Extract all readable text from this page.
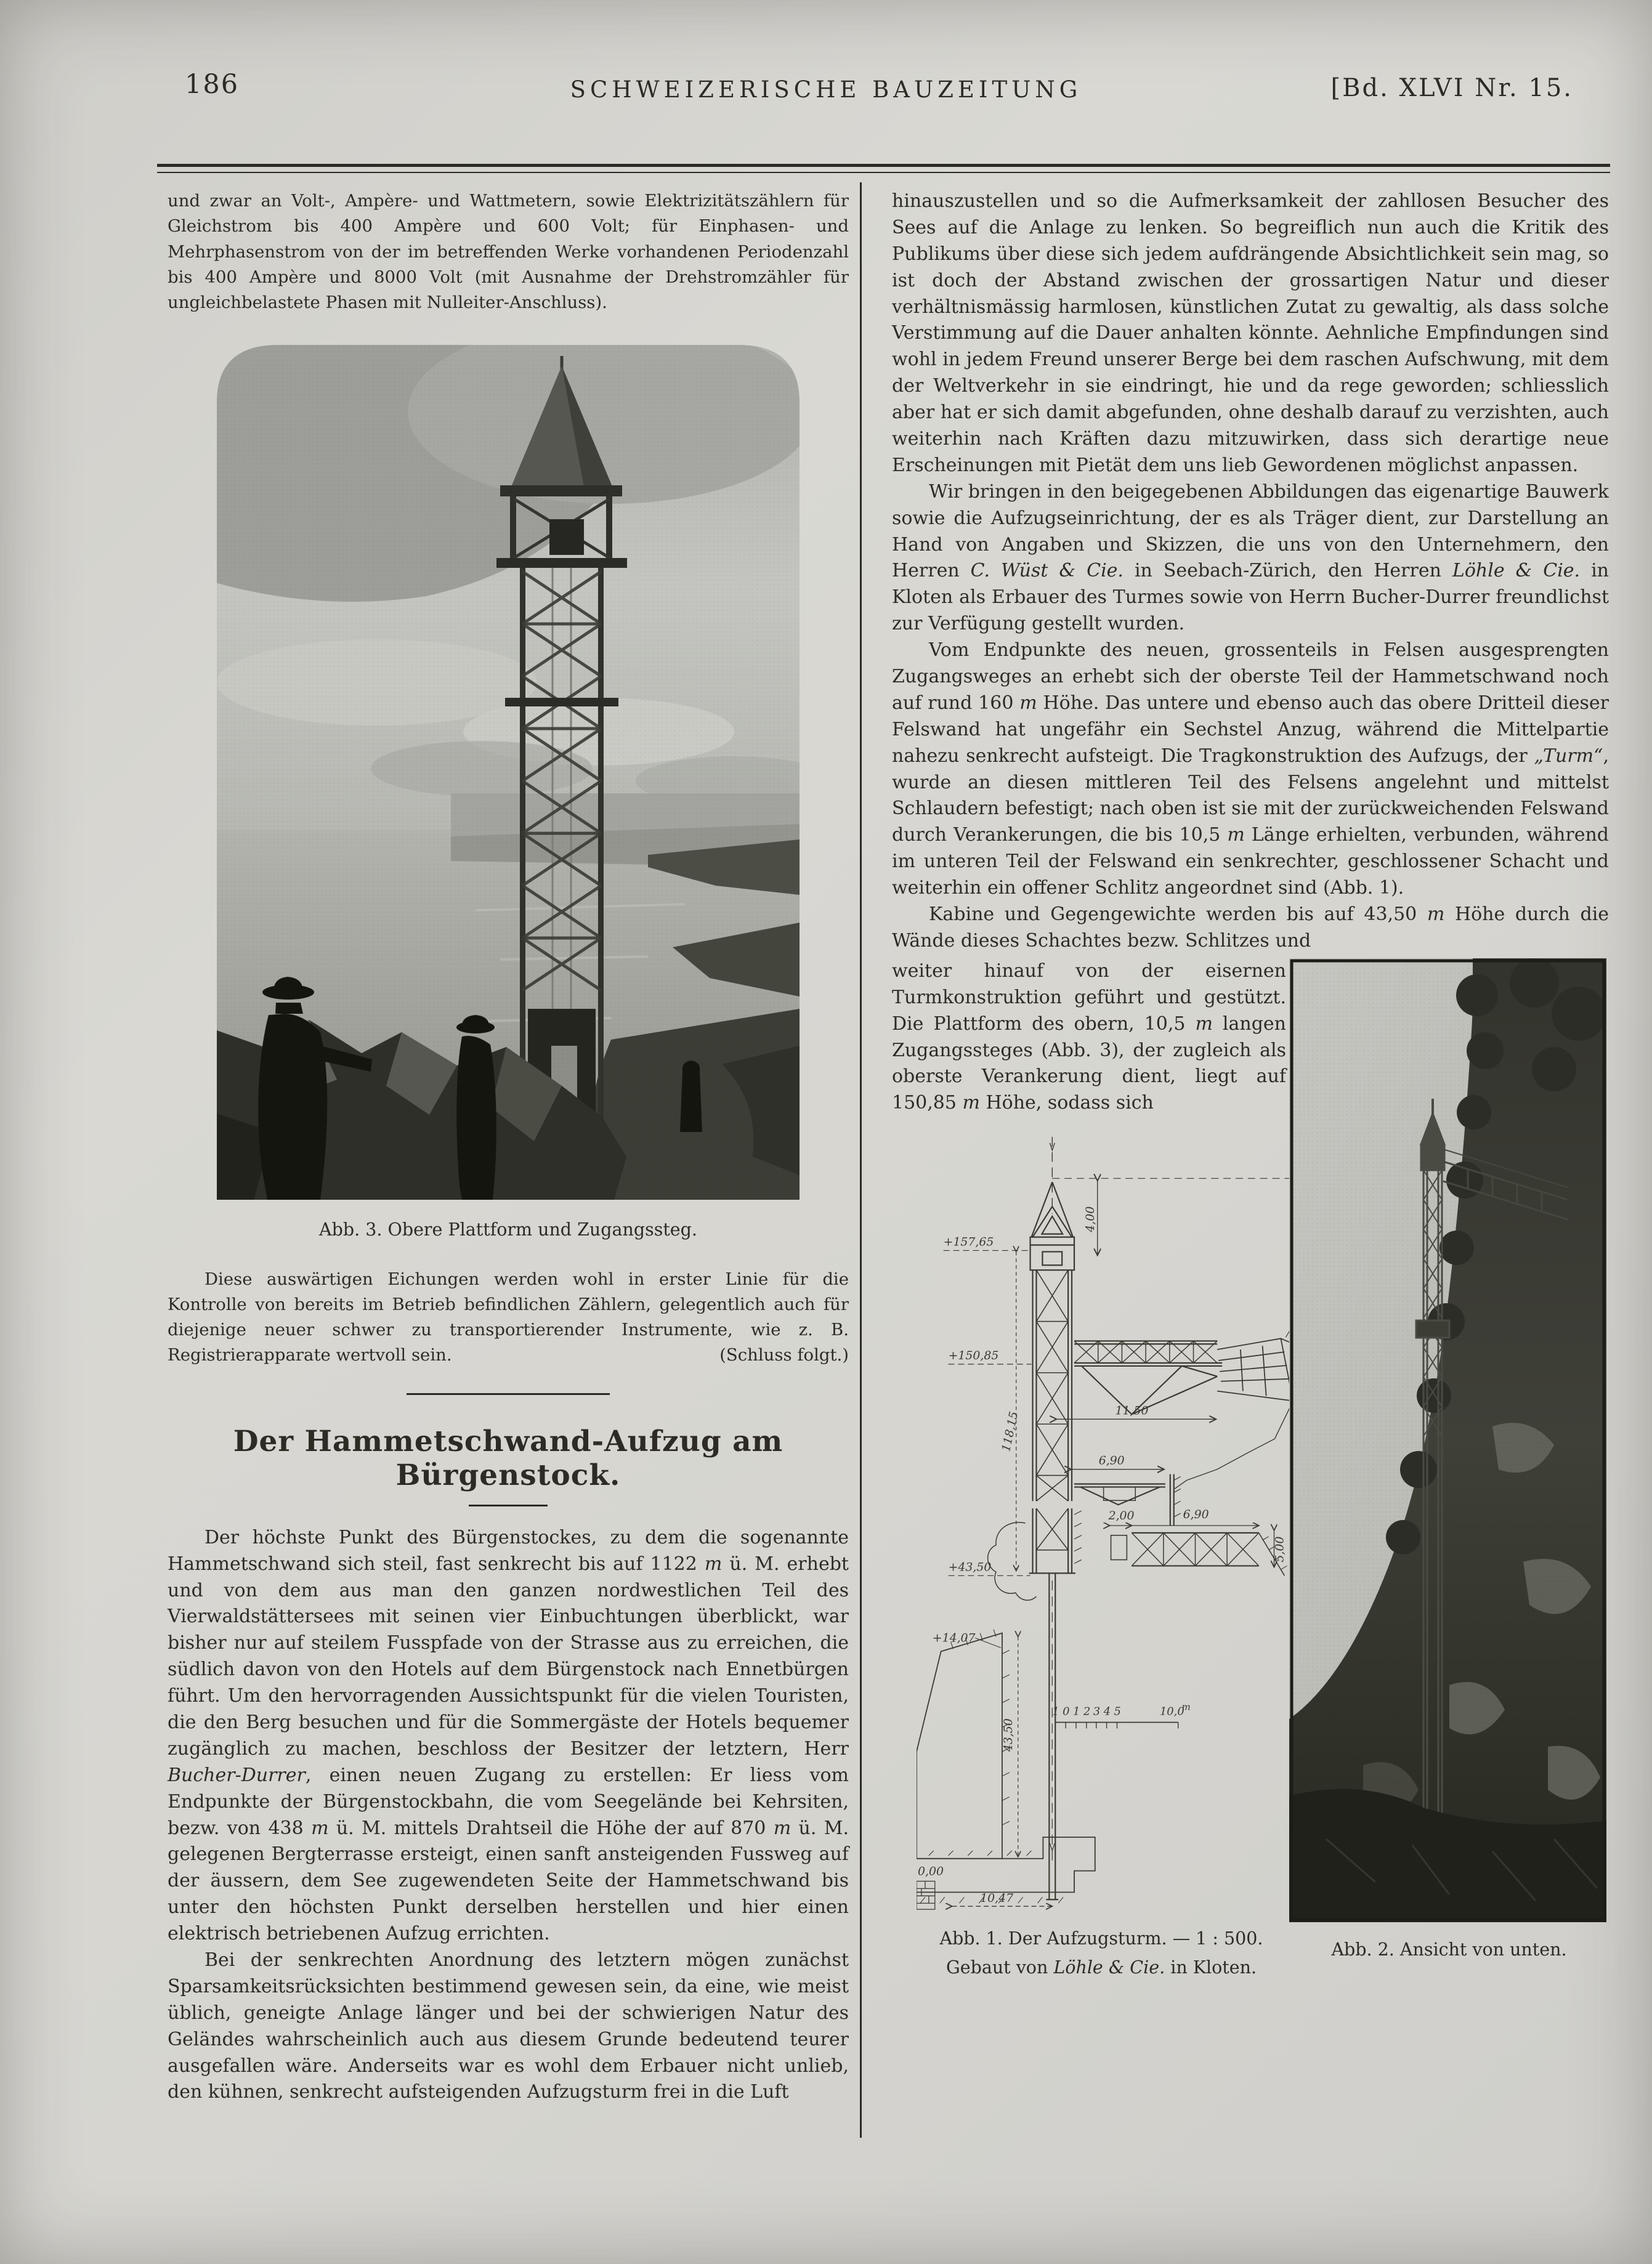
186	SCHWEIZERISCHE BAUZEITUNG	[Bd. XLVI Nr. 15.

und zwar an Volt-, Ampère- und Wattmetern, sowie Elektrizitätszählern für Gleichstrom bis 400 Ampère und 600 Volt; für Einphasen- und Mehrphasenstrom von der im betreffenden Werke vorhandenen Periodenzahl bis 400 Ampère und 8000 Volt (mit Ausnahme der Drehstromzähler für ungleichbelastete Phasen mit Nulleiter-Anschluss).

Abb. 3. Obere Plattform und Zugangssteg.

Diese auswärtigen Eichungen werden wohl in erster Linie für die Kontrolle von bereits im Betrieb befindlichen Zählern, gelegentlich auch für diejenige neuer schwer zu transportierender Instrumente, wie z. B. Registrierapparate wertvoll sein.	(Schluss folgt.)

Der Hammetschwand-Aufzug am Bürgenstock.

Der höchste Punkt des Bürgenstockes, zu dem die sogenannte Hammetschwand sich steil, fast senkrecht bis auf 1122 m ü. M. erhebt und von dem aus man den ganzen nordwestlichen Teil des Vierwaldstättersees mit seinen vier Einbuchtungen überblickt, war bisher nur auf steilem Fusspfade von der Strasse aus zu erreichen, die südlich davon von den Hotels auf dem Bürgenstock nach Ennetbürgen führt. Um den hervorragenden Aussichtspunkt für die vielen Touristen, die den Berg besuchen und für die Sommergäste der Hotels bequemer zugänglich zu machen, beschloss der Besitzer der letztern, Herr Bucher-Durrer, einen neuen Zugang zu erstellen: Er liess vom Endpunkte der Bürgenstockbahn, die vom Seegelände bei Kehrsiten, bezw. von 438 m ü. M. mittels Drahtseil die Höhe der auf 870 m ü. M. gelegenen Bergterrasse ersteigt, einen sanft ansteigenden Fussweg auf der äussern, dem See zugewendeten Seite der Hammetschwand bis unter den höchsten Punkt derselben herstellen und hier einen elektrisch betriebenen Aufzug errichten.

Bei der senkrechten Anordnung des letztern mögen zunächst Sparsamkeitsrücksichten bestimmend gewesen sein, da eine, wie meist üblich, geneigte Anlage länger und bei der schwierigen Natur des Geländes wahrscheinlich auch aus diesem Grunde bedeutend teurer ausgefallen wäre. Anderseits war es wohl dem Erbauer nicht unlieb, den kühnen, senkrecht aufsteigenden Aufzugsturm frei in die Luft

hinauszustellen und so die Aufmerksamkeit der zahllosen Besucher des Sees auf die Anlage zu lenken. So begreiflich nun auch die Kritik des Publikums über diese sich jedem aufdrängende Absichtlichkeit sein mag, so ist doch der Abstand zwischen der grossartigen Natur und dieser verhältnismässig harmlosen, künstlichen Zutat zu gewaltig, als dass solche Verstimmung auf die Dauer anhalten könnte. Aehnliche Empfindungen sind wohl in jedem Freund unserer Berge bei dem raschen Aufschwung, mit dem der Weltverkehr in sie eindringt, hie und da rege geworden; schliesslich aber hat er sich damit abgefunden, ohne deshalb darauf zu verzishten, auch weiterhin nach Kräften dazu mitzuwirken, dass sich derartige neue Erscheinungen mit Pietät dem uns lieb Gewordenen möglichst anpassen.

Wir bringen in den beigegebenen Abbildungen das eigenartige Bauwerk sowie die Aufzugseinrichtung, der es als Träger dient, zur Darstellung an Hand von Angaben und Skizzen, die uns von den Unternehmern, den Herren C. Wüst & Cie. in Seebach-Zürich, den Herren Löhle & Cie. in Kloten als Erbauer des Turmes sowie von Herrn Bucher-Durrer freundlichst zur Verfügung gestellt wurden.

Vom Endpunkte des neuen, grossenteils in Felsen ausgesprengten Zugangsweges an erhebt sich der oberste Teil der Hammetschwand noch auf rund 160 m Höhe. Das untere und ebenso auch das obere Dritteil dieser Felswand hat ungefähr ein Sechstel Anzug, während die Mittelpartie nahezu senkrecht aufsteigt. Die Tragkonstruktion des Aufzugs, der „Turm“, wurde an diesen mittleren Teil des Felsens angelehnt und mittelst Schlaudern befestigt; nach oben ist sie mit der zurückweichenden Felswand durch Verankerungen, die bis 10,5 m Länge erhielten, verbunden, während im unteren Teil der Felswand ein senkrechter, geschlossener Schacht und weiterhin ein offener Schlitz angeordnet sind (Abb. 1).

Kabine und Gegengewichte werden bis auf 43,50 m Höhe durch die Wände dieses Schachtes bezw. Schlitzes und

weiter hinauf von der eisernen Turmkonstruktion geführt und gestützt. Die Plattform des obern, 10,5 m langen Zugangssteges (Abb. 3), der zugleich als oberste Verankerung dient, liegt auf 150,85 m Höhe, sodass sich

4,00
+157,65
11,50
+150,85
118,15
6,90
2,00	6,90
5,00
+43,50
+14,07
43,50
10,47
0,00
1 0 1 2 3 4 5	10,0
m
Abb. 1. Der Aufzugsturm. — 1 : 500.
Gebaut von Löhle & Cie. in Kloten.
Abb. 2. Ansicht von unten.
